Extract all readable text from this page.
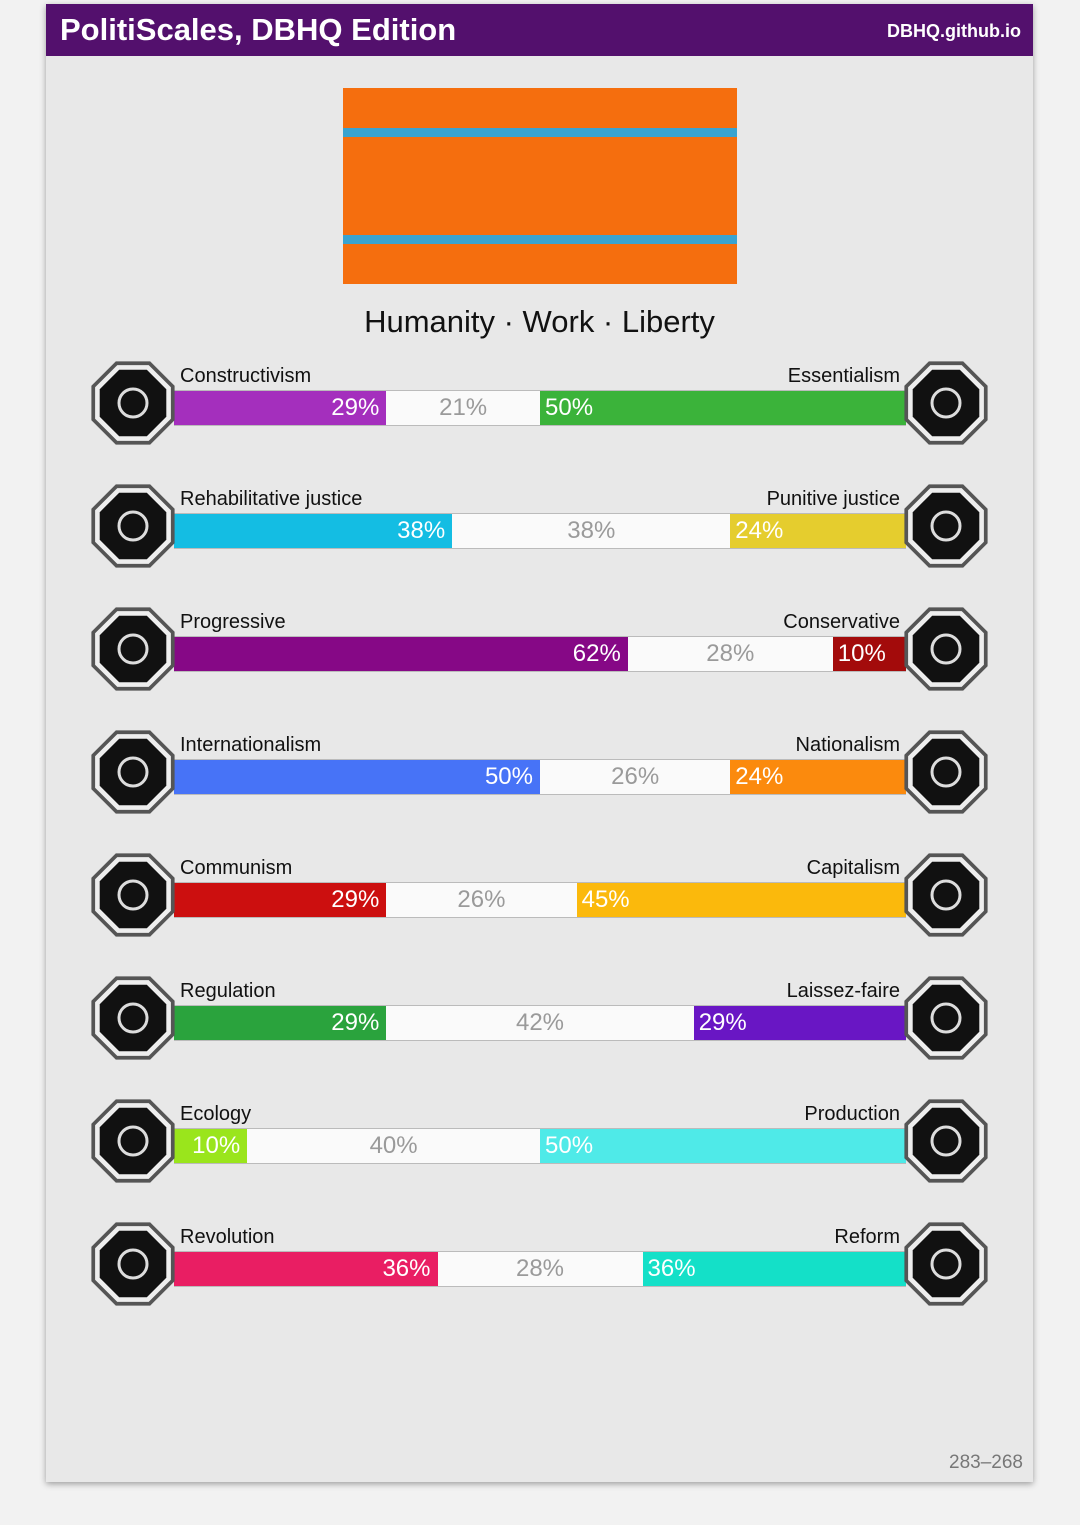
PolitiScales, DBHQ Edition	DBHQ.github.io
Humanity · Work · Liberty
Constructivism	Essentialism
29%	21%	50%
Rehabilitative justice	Punitive justice
38%	38%	24%
Progressive	Conservative
62%	28%	10%
Internationalism	Nationalism
50%	26%	24%
Communism	Capitalism
29%	26%	45%
Regulation	Laissez-faire
29%	42%	29%
Ecology	Production
10%	40%	50%
Revolution	Reform
36%	28%	36%
283–268
